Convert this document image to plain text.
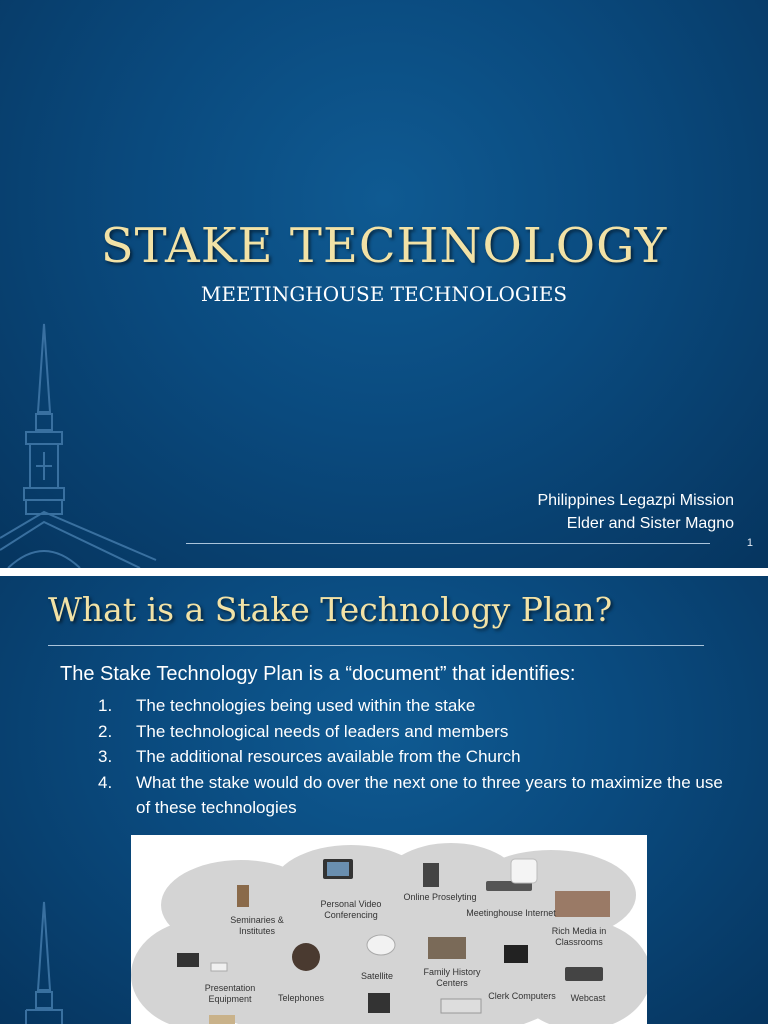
STAKE TECHNOLOGY
MEETINGHOUSE TECHNOLOGIES
Philippines Legazpi Mission
Elder and Sister Magno
1
What is a Stake Technology Plan?
The Stake Technology Plan is a “document” that identifies:
1.	The technologies being used within the stake
2.	The technological needs of leaders and members
3.	The additional resources available from the Church
4.	What the stake would do over the next one to three years to maximize the use of these technologies
Seminaries & Institutes
Personal Video Conferencing
Online Proselyting
Meetinghouse Internet
Rich Media in Classrooms
Presentation Equipment	Telephones
Satellite	Family History Centers
Clerk Computers	Webcast
